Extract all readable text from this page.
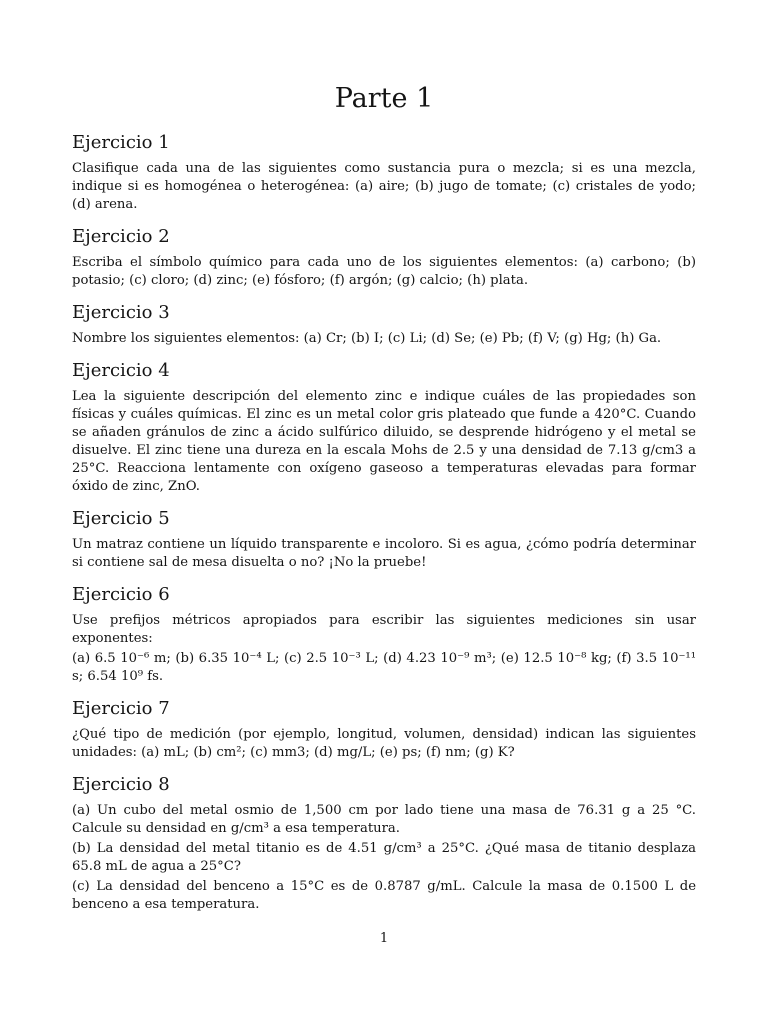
Parte 1
Ejercicio 1

Clasifique cada una de las siguientes como sustancia pura o mezcla; si es una mezcla, indique si es homogénea o heterogénea: (a) aire; (b) jugo de tomate; (c) cristales de yodo; (d) arena.

Ejercicio 2

Escriba el símbolo químico para cada uno de los siguientes elementos: (a) carbono; (b) potasio; (c) cloro; (d) zinc; (e) fósforo; (f) argón; (g) calcio; (h) plata.

Ejercicio 3

Nombre los siguientes elementos: (a) Cr; (b) I; (c) Li; (d) Se; (e) Pb; (f) V; (g) Hg; (h) Ga.

Ejercicio 4

Lea la siguiente descripción del elemento zinc e indique cuáles de las propiedades son físicas y cuáles químicas. El zinc es un metal color gris plateado que funde a 420°C. Cuando se añaden gránulos de zinc a ácido sulfúrico diluido, se desprende hidrógeno y el metal se disuelve. El zinc tiene una dureza en la escala Mohs de 2.5 y una densidad de 7.13 g/cm3 a 25°C. Reacciona lentamente con oxígeno gaseoso a temperaturas elevadas para formar óxido de zinc, ZnO.

Ejercicio 5

Un matraz contiene un líquido transparente e incoloro. Si es agua, ¿cómo podría determinar si contiene sal de mesa disuelta o no? ¡No la pruebe!

Ejercicio 6

Use prefijos métricos apropiados para escribir las siguientes mediciones sin usar exponentes:

(a) 6.5 10⁻⁶ m; (b) 6.35 10⁻⁴ L; (c) 2.5 10⁻³ L; (d) 4.23 10⁻⁹ m³; (e) 12.5 10⁻⁸ kg; (f) 3.5 10⁻¹¹ s; 6.54 10⁹ fs.

Ejercicio 7

¿Qué tipo de medición (por ejemplo, longitud, volumen, densidad) indican las siguientes unidades: (a) mL; (b) cm²; (c) mm3; (d) mg/L; (e) ps; (f) nm; (g) K?

Ejercicio 8

(a) Un cubo del metal osmio de 1,500 cm por lado tiene una masa de 76.31 g a 25 °C. Calcule su densidad en g/cm³ a esa temperatura.

(b) La densidad del metal titanio es de 4.51 g/cm³ a 25°C. ¿Qué masa de titanio desplaza 65.8 mL de agua a 25°C?

(c) La densidad del benceno a 15°C es de 0.8787 g/mL. Calcule la masa de 0.1500 L de benceno a esa temperatura.

1
